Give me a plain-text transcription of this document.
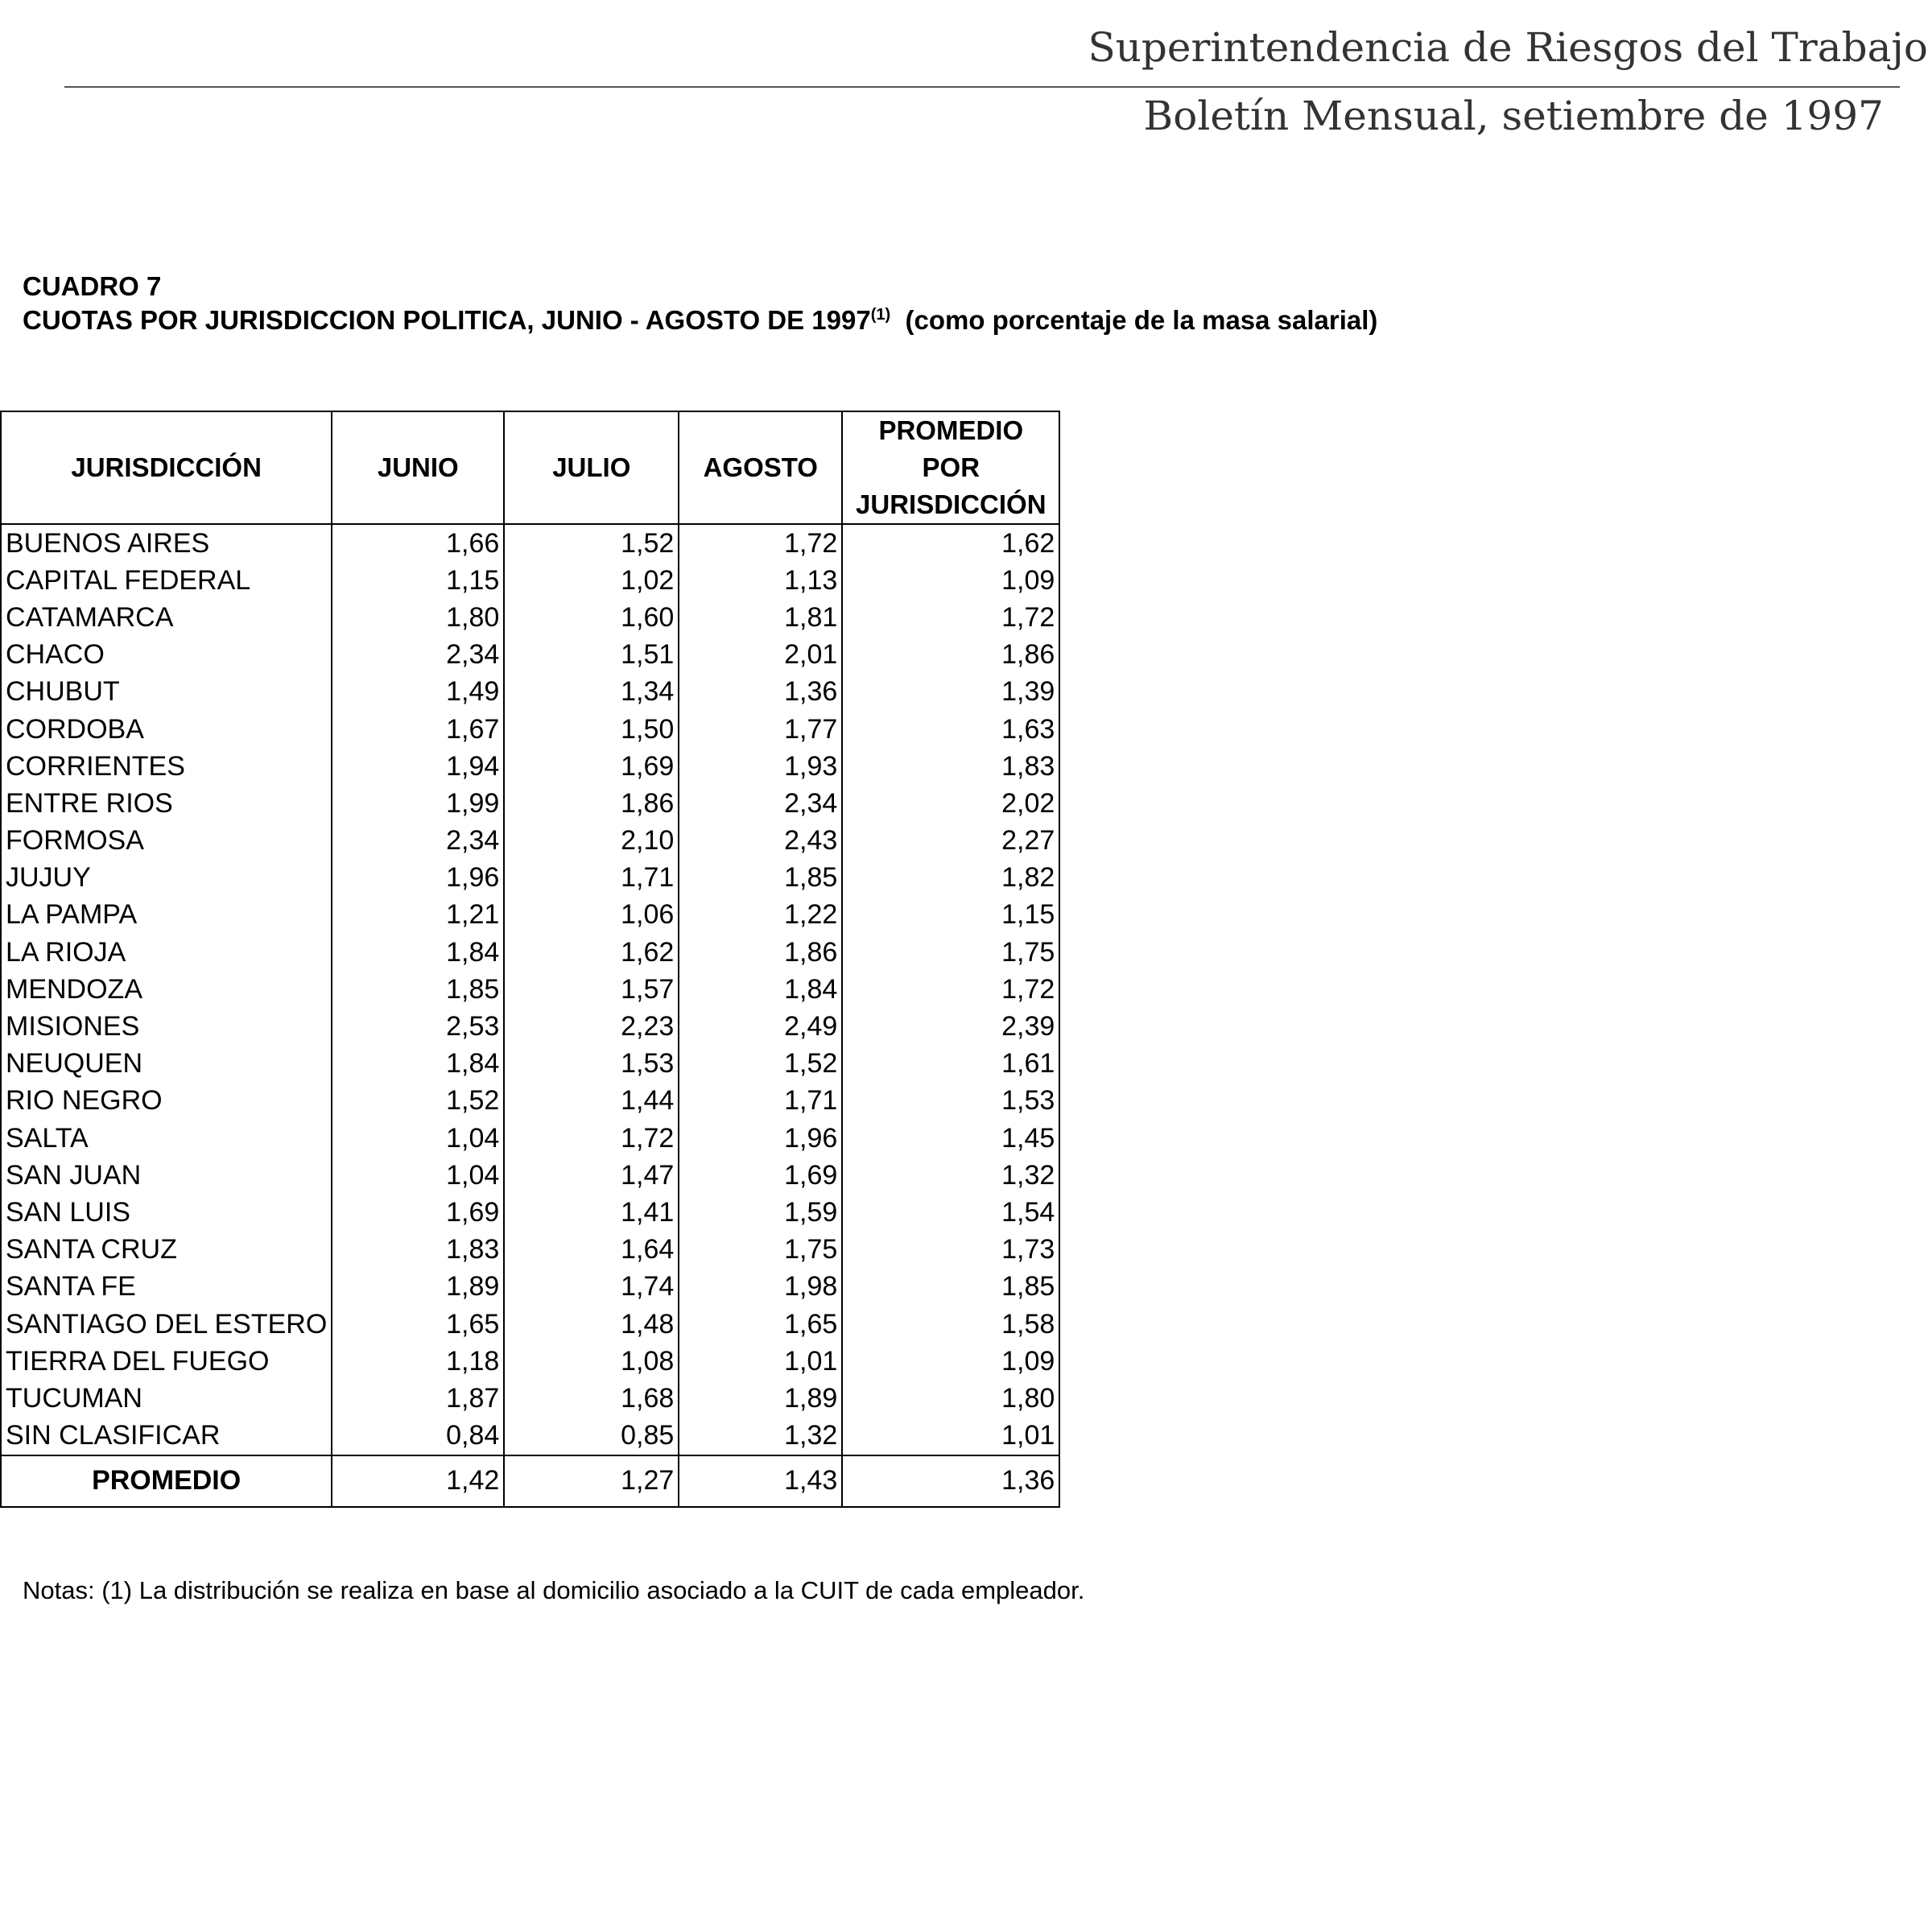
Superintendencia de Riesgos del Trabajo
Boletín Mensual, setiembre de 1997
CUADRO 7
CUOTAS POR JURISDICCION POLITICA, JUNIO - AGOSTO DE 1997$^{(1)}$ (como porcentaje de la masa salarial)
JURISDICCIÓN	JUNIO	JULIO	AGOSTO	PROMEDIO POR
JURISDICCIÓN
BUENOS AIRES	1,66	1,52	1,72	1,62
CAPITAL FEDERAL	1,15	1,02	1,13	1,09
CATAMARCA	1,80	1,60	1,81	1,72
CHACO	2,34	1,51	2,01	1,86
CHUBUT	1,49	1,34	1,36	1,39
CORDOBA	1,67	1,50	1,77	1,63
CORRIENTES	1,94	1,69	1,93	1,83
ENTRE RIOS	1,99	1,86	2,34	2,02
FORMOSA	2,34	2,10	2,43	2,27
JUJUY	1,96	1,71	1,85	1,82
LA PAMPA	1,21	1,06	1,22	1,15
LA RIOJA	1,84	1,62	1,86	1,75
MENDOZA	1,85	1,57	1,84	1,72
MISIONES	2,53	2,23	2,49	2,39
NEUQUEN	1,84	1,53	1,52	1,61
RIO NEGRO	1,52	1,44	1,71	1,53
SALTA	1,04	1,72	1,96	1,45
SAN JUAN	1,04	1,47	1,69	1,32
SAN LUIS	1,69	1,41	1,59	1,54
SANTA CRUZ	1,83	1,64	1,75	1,73
SANTA FE	1,89	1,74	1,98	1,85
SANTIAGO DEL ESTERO	1,65	1,48	1,65	1,58
TIERRA DEL FUEGO	1,18	1,08	1,01	1,09
TUCUMAN	1,87	1,68	1,89	1,80
SIN CLASIFICAR	0,84	0,85	1,32	1,01
PROMEDIO	1,42	1,27	1,43	1,36
Notas: (1) La distribución se realiza en base al domicilio asociado a la CUIT de cada empleador.
